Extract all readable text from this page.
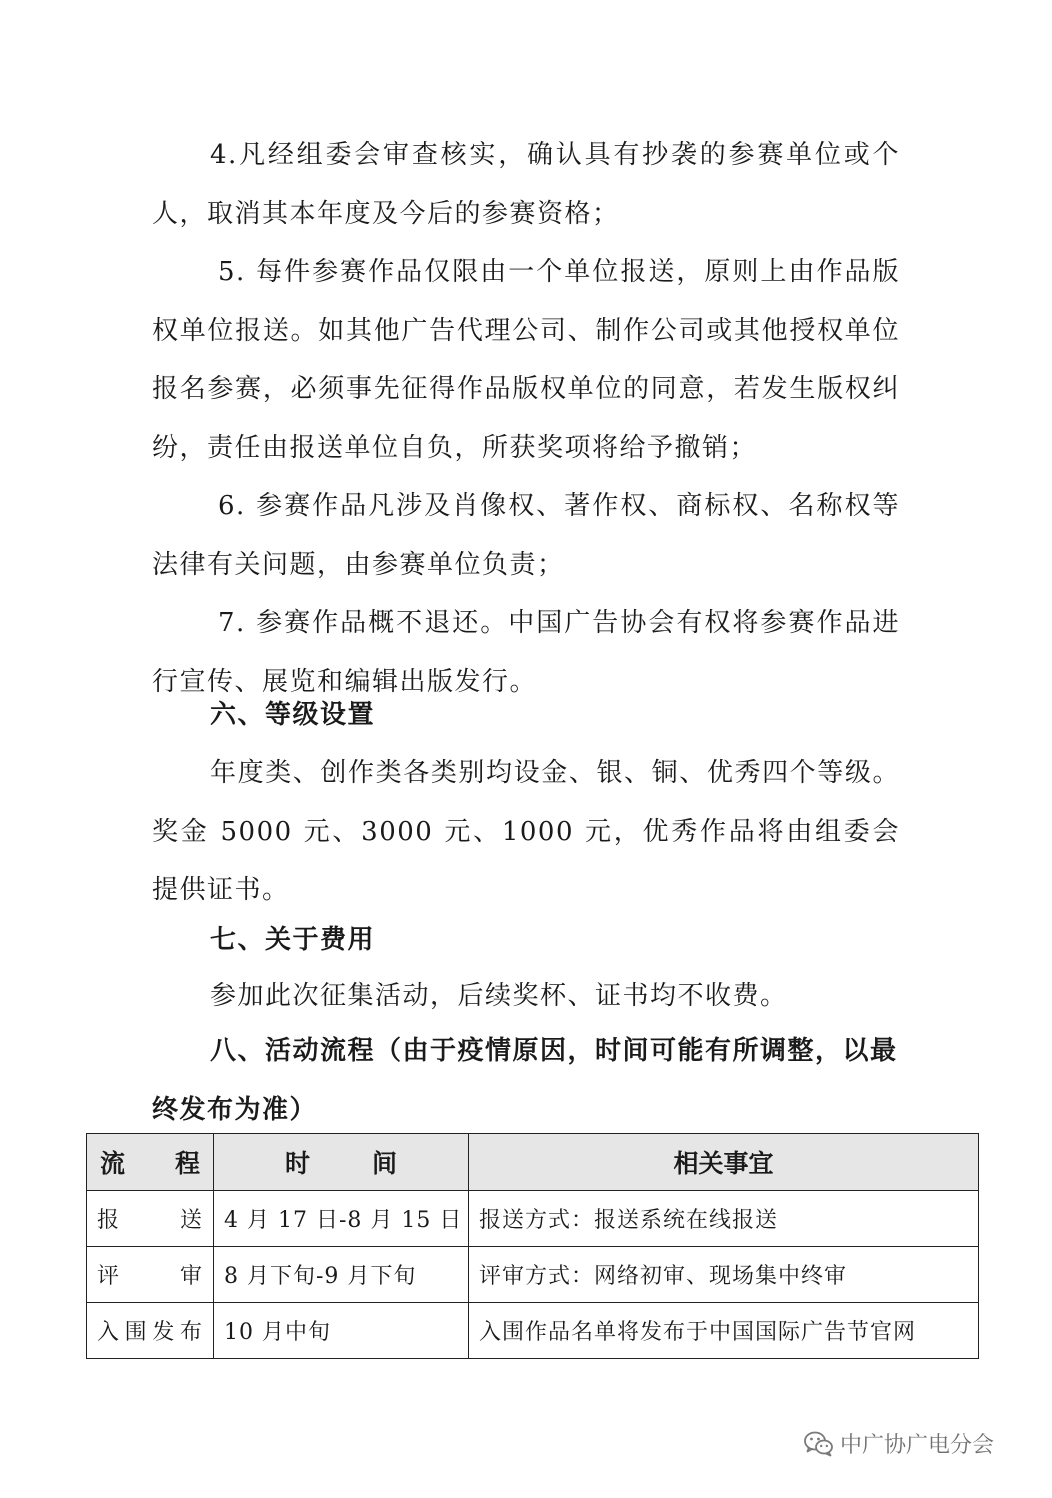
4.凡经组委会审查核实，确认具有抄袭的参赛单位或个人，取消其本年度及今后的参赛资格；

5. 每件参赛作品仅限由一个单位报送，原则上由作品版权单位报送。如其他广告代理公司、制作公司或其他授权单位报名参赛，必须事先征得作品版权单位的同意，若发生版权纠纷，责任由报送单位自负，所获奖项将给予撤销；

6. 参赛作品凡涉及肖像权、著作权、商标权、名称权等法律有关问题，由参赛单位负责；

7. 参赛作品概不退还。中国广告协会有权将参赛作品进行宣传、展览和编辑出版发行。

六、等级设置

年度类、创作类各类别均设金、银、铜、优秀四个等级。奖金 5000 元、3000 元、1000 元，优秀作品将由组委会提供证书。

七、关于费用

参加此次征集活动，后续奖杯、证书均不收费。

八、活动流程（由于疫情原因，时间可能有所调整，以最终发布为准）
流　程	时　间	相关事宜

报送	4 月 17 日-8 月 15 日	报送方式：报送系统在线报送

评审	8 月下旬-9 月下旬	评审方式：网络初审、现场集中终审

入围发布	10 月中旬	入围作品名单将发布于中国国际广告节官网
中广协广电分会
